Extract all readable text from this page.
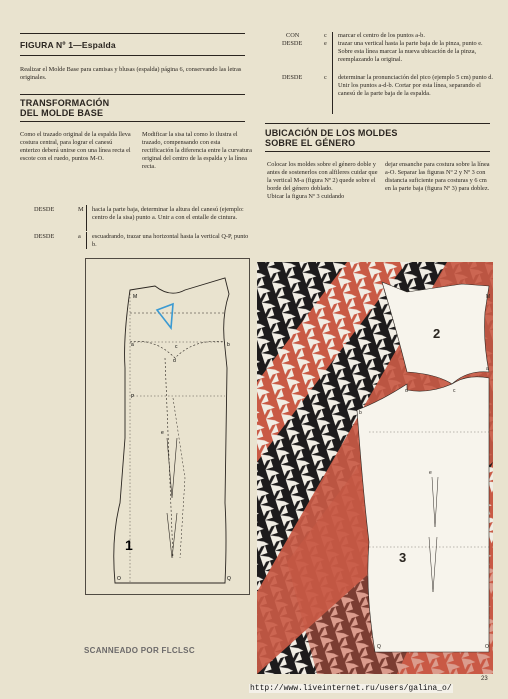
FIGURA Nº 1—Espalda
Realizar el Molde Base para camisas y blusas (espalda) página 6, conservando las letras originales.
TRANSFORMACIÓN
DEL MOLDE BASE
Como el trazado original de la espalda lleva costura central, para lograr el canesú enterizo deberá unirse con una línea recta el escote con el ruedo, puntos M-O.
Modificar la sisa tal como lo ilustra el trazado, compensando con esta rectificación la diferencia entre la curvatura original del centro de la espalda y la línea recta.
DESDE	M hacia la parte baja, determinar la altura del canesú (ejemplo: centro de la sisa) punto a. Unir a con el entalle de cintura.
DESDE	a escuadrando, trazar una horizontal hasta la vertical Q-P, punto b.
CON	c marcar el centro de los puntos a-b.
DESDE	e trazar una vertical hasta la parte baja de la pinza, punto e. Sobre esta línea marcar la nueva ubicación de la pinza, reemplazando la original.
DESDE	c determinar la pronunciación del pico (ejemplo 5 cm) punto d. Unir los puntos a-d-b. Cortar por esta línea, separando el canesú de la parte baja de la espalda.
UBICACIÓN DE LOS MOLDES
SOBRE EL GÉNERO
Colocar los moldes sobre el género doble y antes de sostenerlos con alfileres cuidar que la vertical M-a (figura Nº 2) quede sobre el borde del género doblado.
Ubicar la figura Nº 3 cuidando
dejar ensanche para costura sobre la línea a-O. Separar las figuras Nº 2 y Nº 3 con distancia suficiente para costuras y 6 cm en la parte baja (figura Nº 3) para doblez.
M
a	b
d
c
e
P
Q
O
1
2
M
a
3
b
d	c
e
O
Q
SCANNEADO POR FLCLSC
23
http://www.liveinternet.ru/users/galina_o/
